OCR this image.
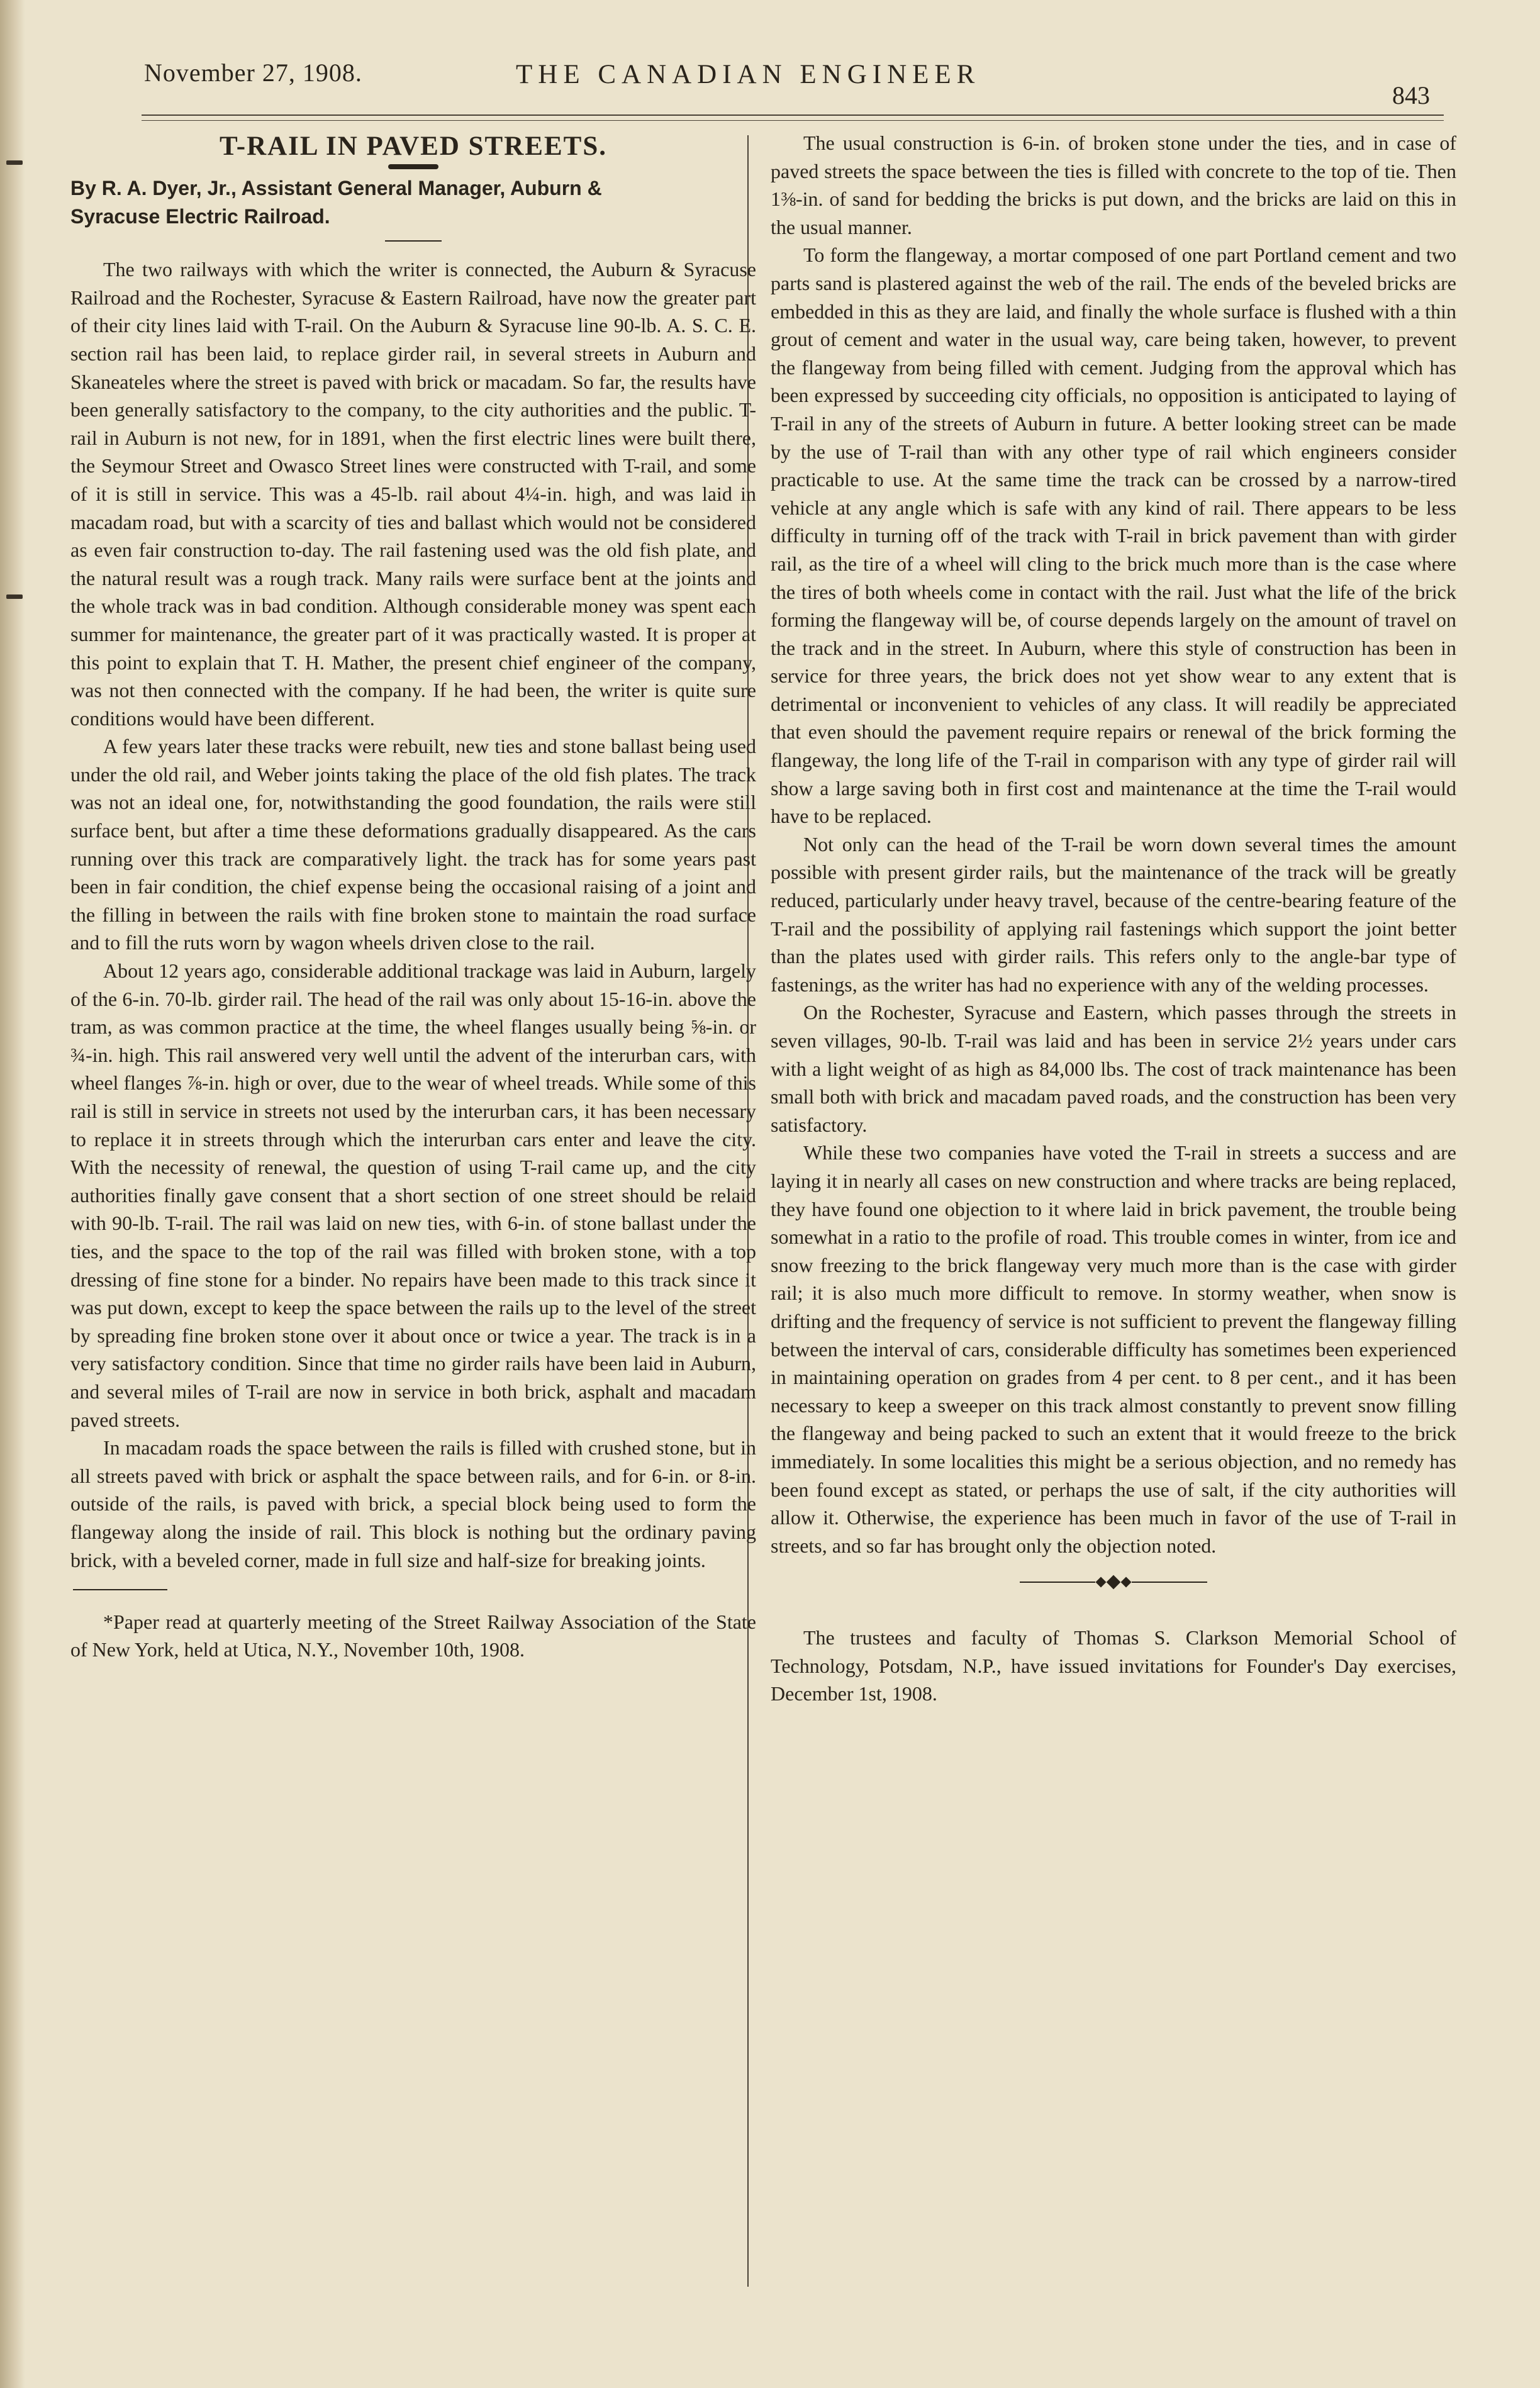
November 27, 1908.	THE CANADIAN ENGINEER
843
T-RAIL IN PAVED STREETS.

By R. A. Dyer, Jr., Assistant General Manager, Auburn &

Syracuse Electric Railroad.

The two railways with which the writer is connected, the Auburn & Syracuse Railroad and the Rochester, Syracuse & Eastern Railroad, have now the greater part of their city lines laid with T-rail. On the Auburn & Syracuse line 90-lb. A. S. C. E. section rail has been laid, to replace girder rail, in several streets in Auburn and Skaneateles where the street is paved with brick or macadam. So far, the results have been generally satisfactory to the company, to the city authorities and the public. T-rail in Auburn is not new, for in 1891, when the first electric lines were built there, the Seymour Street and Owasco Street lines were constructed with T-rail, and some of it is still in service. This was a 45-lb. rail about 4¼-in. high, and was laid in macadam road, but with a scarcity of ties and ballast which would not be considered as even fair construction to-day. The rail fastening used was the old fish plate, and the natural result was a rough track. Many rails were surface bent at the joints and the whole track was in bad condition. Although considerable money was spent each summer for maintenance, the greater part of it was practically wasted. It is proper at this point to explain that T. H. Mather, the present chief engineer of the company, was not then connected with the company. If he had been, the writer is quite sure conditions would have been different.

A few years later these tracks were rebuilt, new ties and stone ballast being used under the old rail, and Weber joints taking the place of the old fish plates. The track was not an ideal one, for, notwithstanding the good foundation, the rails were still surface bent, but after a time these deformations gradually disappeared. As the cars running over this track are comparatively light. the track has for some years past been in fair condition, the chief expense being the occasional raising of a joint and the filling in between the rails with fine broken stone to maintain the road surface and to fill the ruts worn by wagon wheels driven close to the rail.

About 12 years ago, considerable additional trackage was laid in Auburn, largely of the 6-in. 70-lb. girder rail. The head of the rail was only about 15-16-in. above the tram, as was common practice at the time, the wheel flanges usually being ⅝-in. or ¾-in. high. This rail answered very well until the advent of the interurban cars, with wheel flanges ⅞-in. high or over, due to the wear of wheel treads. While some of this rail is still in service in streets not used by the interurban cars, it has been necessary to replace it in streets through which the interurban cars enter and leave the city. With the necessity of renewal, the question of using T-rail came up, and the city authorities finally gave consent that a short section of one street should be relaid with 90-lb. T-rail. The rail was laid on new ties, with 6-in. of stone ballast under the ties, and the space to the top of the rail was filled with broken stone, with a top dressing of fine stone for a binder. No repairs have been made to this track since it was put down, except to keep the space between the rails up to the level of the street by spreading fine broken stone over it about once or twice a year. The track is in a very satisfactory condition. Since that time no girder rails have been laid in Auburn, and several miles of T-rail are now in service in both brick, asphalt and macadam paved streets.

In macadam roads the space between the rails is filled with crushed stone, but in all streets paved with brick or asphalt the space between rails, and for 6-in. or 8-in. outside of the rails, is paved with brick, a special block being used to form the flangeway along the inside of rail. This block is nothing but the ordinary paving brick, with a beveled corner, made in full size and half-size for breaking joints.

*Paper read at quarterly meeting of the Street Railway Association of the State of New York, held at Utica, N.Y., November 10th, 1908.

The usual construction is 6-in. of broken stone under the ties, and in case of paved streets the space between the ties is filled with concrete to the top of tie. Then 1⅜-in. of sand for bedding the bricks is put down, and the bricks are laid on this in the usual manner.

To form the flangeway, a mortar composed of one part Portland cement and two parts sand is plastered against the web of the rail. The ends of the beveled bricks are embedded in this as they are laid, and finally the whole surface is flushed with a thin grout of cement and water in the usual way, care being taken, however, to prevent the flangeway from being filled with cement. Judging from the approval which has been expressed by succeeding city officials, no opposition is anticipated to laying of T-rail in any of the streets of Auburn in future. A better looking street can be made by the use of T-rail than with any other type of rail which engineers consider practicable to use. At the same time the track can be crossed by a narrow-tired vehicle at any angle which is safe with any kind of rail. There appears to be less difficulty in turning off of the track with T-rail in brick pavement than with girder rail, as the tire of a wheel will cling to the brick much more than is the case where the tires of both wheels come in contact with the rail. Just what the life of the brick forming the flangeway will be, of course depends largely on the amount of travel on the track and in the street. In Auburn, where this style of construction has been in service for three years, the brick does not yet show wear to any extent that is detrimental or inconvenient to vehicles of any class. It will readily be appreciated that even should the pavement require repairs or renewal of the brick forming the flangeway, the long life of the T-rail in comparison with any type of girder rail will show a large saving both in first cost and maintenance at the time the T-rail would have to be replaced.

Not only can the head of the T-rail be worn down several times the amount possible with present girder rails, but the maintenance of the track will be greatly reduced, particularly under heavy travel, because of the centre-bearing feature of the T-rail and the possibility of applying rail fastenings which support the joint better than the plates used with girder rails. This refers only to the angle-bar type of fastenings, as the writer has had no experience with any of the welding processes.

On the Rochester, Syracuse and Eastern, which passes through the streets in seven villages, 90-lb. T-rail was laid and has been in service 2½ years under cars with a light weight of as high as 84,000 lbs. The cost of track maintenance has been small both with brick and macadam paved roads, and the construction has been very satisfactory.

While these two companies have voted the T-rail in streets a success and are laying it in nearly all cases on new construction and where tracks are being replaced, they have found one objection to it where laid in brick pavement, the trouble being somewhat in a ratio to the profile of road. This trouble comes in winter, from ice and snow freezing to the brick flangeway very much more than is the case with girder rail; it is also much more difficult to remove. In stormy weather, when snow is drifting and the frequency of service is not sufficient to prevent the flangeway filling between the interval of cars, considerable difficulty has sometimes been experienced in maintaining operation on grades from 4 per cent. to 8 per cent., and it has been necessary to keep a sweeper on this track almost constantly to prevent snow filling the flangeway and being packed to such an extent that it would freeze to the brick immediately. In some localities this might be a serious objection, and no remedy has been found except as stated, or perhaps the use of salt, if the city authorities will allow it. Otherwise, the experience has been much in favor of the use of T-rail in streets, and so far has brought only the objection noted.

The trustees and faculty of Thomas S. Clarkson Memorial School of Technology, Potsdam, N.P., have issued invitations for Founder's Day exercises, December 1st, 1908.
